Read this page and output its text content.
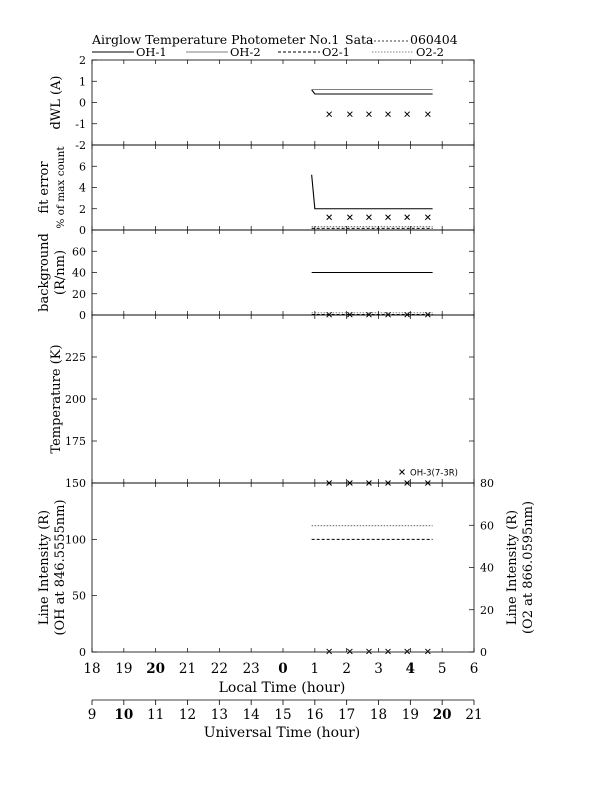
Airglow Temperature Photometer No.1 Sata	060404
OH-1	OH-2	O2-1	O2-2
-2
-1
0
1
2
dWL (A)
0
2
4
6
fit error % of max count
0
20
40
60
background (R/nm)
175
200
225
Temperature (K)
OH-3(7-3R)
0
50
100
150
0
20
40
60
80
Line Intensity (R) (OH at 846.5555nm)	Line Intensity (R) (O2 at 866.0595nm)
18 19 20 21 22 23 0 1 2 3 4 5 6
9 10 11 12 13 14 15 16 17 18 19 20 21
Local Time (hour)
Universal Time (hour)
